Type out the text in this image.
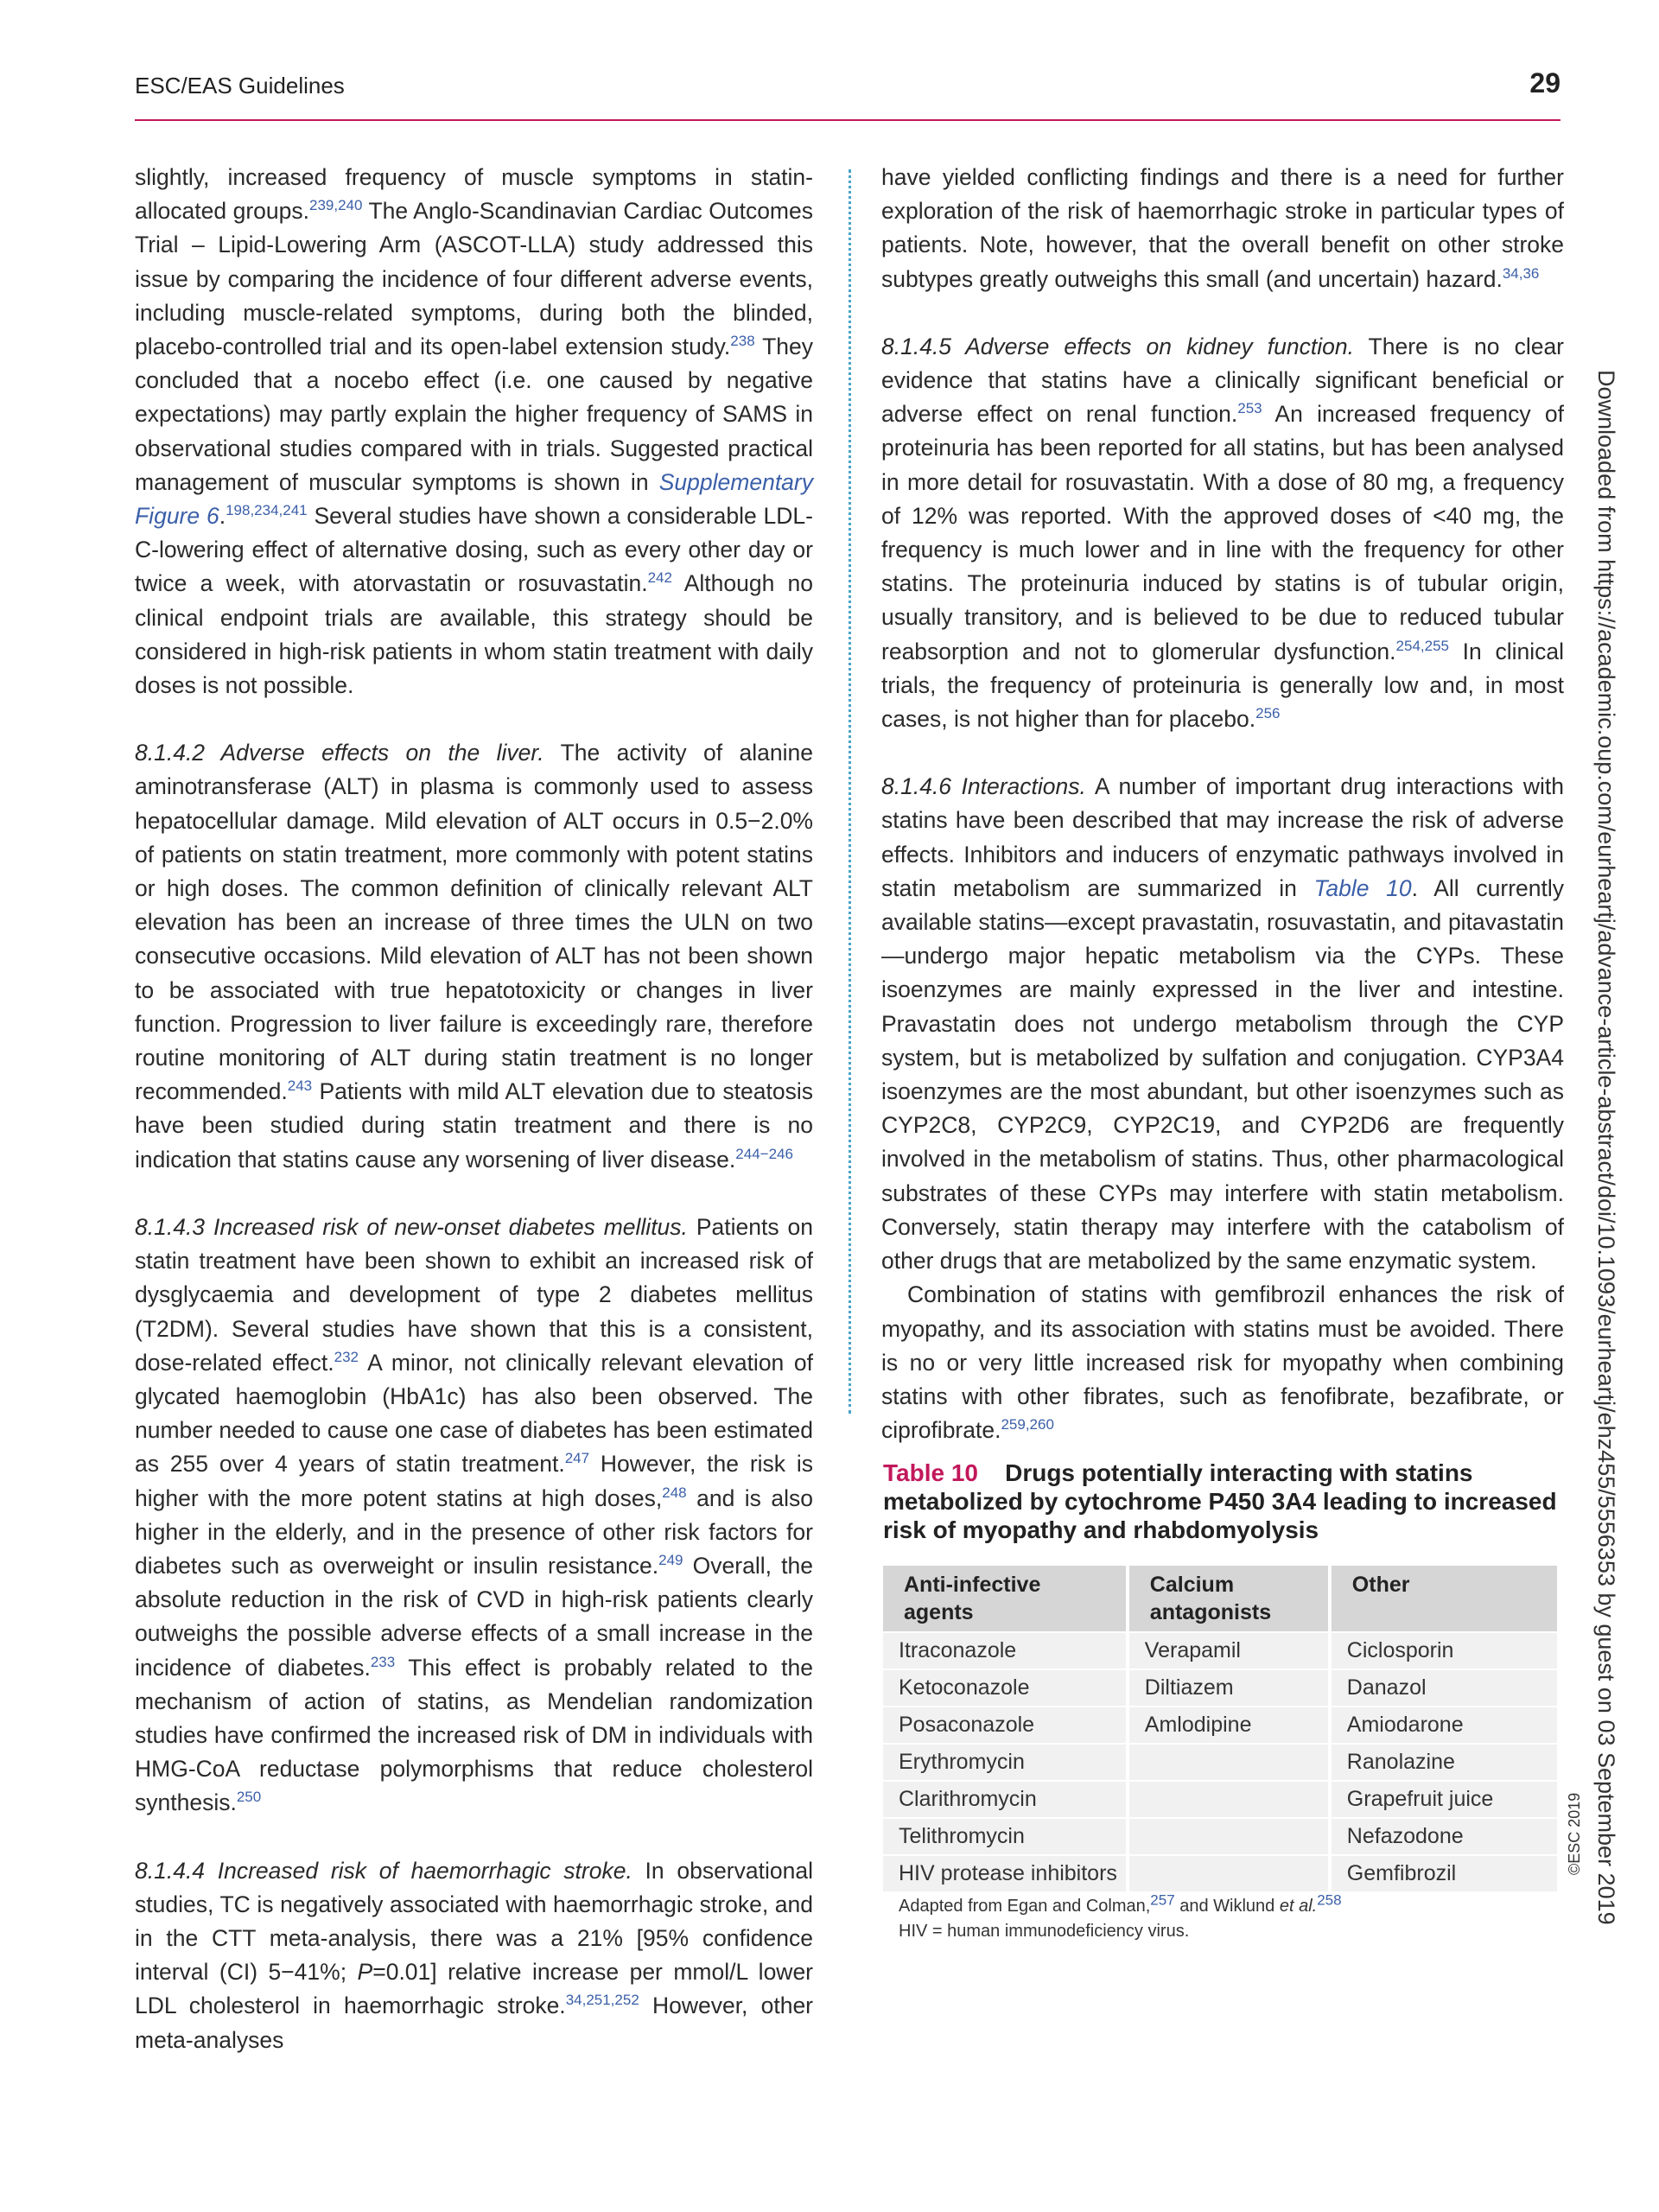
ESC/EAS Guidelines	29

slightly, increased frequency of muscle symptoms in statin-allocated groups.$^{239,240}$ The Anglo-Scandinavian Cardiac Outcomes Trial – Lipid-Lowering Arm (ASCOT-LLA) study addressed this issue by comparing the incidence of four different adverse events, including muscle-related symptoms, during both the blinded, placebo-controlled trial and its open-label extension study.$^{238}$ They concluded that a nocebo effect (i.e. one caused by negative expectations) may partly explain the higher frequency of SAMS in observational studies compared with in trials. Suggested practical management of muscular symptoms is shown in Supplementary Figure 6.$^{198,234,241}$ Several studies have shown a considerable LDL-C-lowering effect of alternative dosing, such as every other day or twice a week, with atorvastatin or rosuvastatin.$^{242}$ Although no clinical endpoint trials are available, this strategy should be considered in high-risk patients in whom statin treatment with daily doses is not possible.

8.1.4.2 Adverse effects on the liver. The activity of alanine aminotransferase (ALT) in plasma is commonly used to assess hepatocellular damage. Mild elevation of ALT occurs in 0.5−2.0% of patients on statin treatment, more commonly with potent statins or high doses. The common definition of clinically relevant ALT elevation has been an increase of three times the ULN on two consecutive occasions. Mild elevation of ALT has not been shown to be associated with true hepatotoxicity or changes in liver function. Progression to liver failure is exceedingly rare, therefore routine monitoring of ALT during statin treatment is no longer recommended.$^{243}$ Patients with mild ALT elevation due to steatosis have been studied during statin treatment and there is no indication that statins cause any worsening of liver disease.$^{244-246}$

8.1.4.3 Increased risk of new-onset diabetes mellitus. Patients on statin treatment have been shown to exhibit an increased risk of dysglycaemia and development of type 2 diabetes mellitus (T2DM). Several studies have shown that this is a consistent, dose-related effect.$^{232}$ A minor, not clinically relevant elevation of glycated haemoglobin (HbA1c) has also been observed. The number needed to cause one case of diabetes has been estimated as 255 over 4 years of statin treatment.$^{247}$ However, the risk is higher with the more potent statins at high doses,$^{248}$ and is also higher in the elderly, and in the presence of other risk factors for diabetes such as overweight or insulin resistance.$^{249}$ Overall, the absolute reduction in the risk of CVD in high-risk patients clearly outweighs the possible adverse effects of a small increase in the incidence of diabetes.$^{233}$ This effect is probably related to the mechanism of action of statins, as Mendelian randomization studies have confirmed the increased risk of DM in individuals with HMG-CoA reductase polymorphisms that reduce cholesterol synthesis.$^{250}$

8.1.4.4 Increased risk of haemorrhagic stroke. In observational studies, TC is negatively associated with haemorrhagic stroke, and in the CTT meta-analysis, there was a 21% [95% confidence interval (CI) 5−41%; P=0.01] relative increase per mmol/L lower LDL cholesterol in haemorrhagic stroke.$^{34,251,252}$ However, other meta-analyses

have yielded conflicting findings and there is a need for further exploration of the risk of haemorrhagic stroke in particular types of patients. Note, however, that the overall benefit on other stroke subtypes greatly outweighs this small (and uncertain) hazard.$^{34,36}$

8.1.4.5 Adverse effects on kidney function. There is no clear evidence that statins have a clinically significant beneficial or adverse effect on renal function.$^{253}$ An increased frequency of proteinuria has been reported for all statins, but has been analysed in more detail for rosuvastatin. With a dose of 80 mg, a frequency of 12% was reported. With the approved doses of <40 mg, the frequency is much lower and in line with the frequency for other statins. The proteinuria induced by statins is of tubular origin, usually transitory, and is believed to be due to reduced tubular reabsorption and not to glomerular dysfunction.$^{254,255}$ In clinical trials, the frequency of proteinuria is generally low and, in most cases, is not higher than for placebo.$^{256}$

8.1.4.6 Interactions. A number of important drug interactions with statins have been described that may increase the risk of adverse effects. Inhibitors and inducers of enzymatic pathways involved in statin metabolism are summarized in Table 10. All currently available statins—except pravastatin, rosuvastatin, and pitavastatin—undergo major hepatic metabolism via the CYPs. These isoenzymes are mainly expressed in the liver and intestine. Pravastatin does not undergo metabolism through the CYP system, but is metabolized by sulfation and conjugation. CYP3A4 isoenzymes are the most abundant, but other isoenzymes such as CYP2C8, CYP2C9, CYP2C19, and CYP2D6 are frequently involved in the metabolism of statins. Thus, other pharmacological substrates of these CYPs may interfere with statin metabolism. Conversely, statin therapy may interfere with the catabolism of other drugs that are metabolized by the same enzymatic system.

Combination of statins with gemfibrozil enhances the risk of myopathy, and its association with statins must be avoided. There is no or very little increased risk for myopathy when combining statins with other fibrates, such as fenofibrate, bezafibrate, or ciprofibrate.$^{259,260}$

Table 10 Drugs potentially interacting with statins metabolized by cytochrome P450 3A4 leading to increased risk of myopathy and rhabdomyolysis
Anti-infective agents	Calcium antagonists	Other
Itraconazole	Verapamil	Ciclosporin
Ketoconazole	Diltiazem	Danazol
Posaconazole	Amlodipine	Amiodarone
Erythromycin		Ranolazine
Clarithromycin		Grapefruit juice
Telithromycin		Nefazodone
HIV protease inhibitors		Gemfibrozil
Adapted from Egan and Colman,$^{257}$ and Wiklund et al.$^{258}$
HIV = human immunodeficiency virus.
©ESC 2019 Downloaded from https://academic.oup.com/eurheartj/advance-article-abstract/doi/10.1093/eurheartj/ehz455/5556353 by guest on 03 September 2019
